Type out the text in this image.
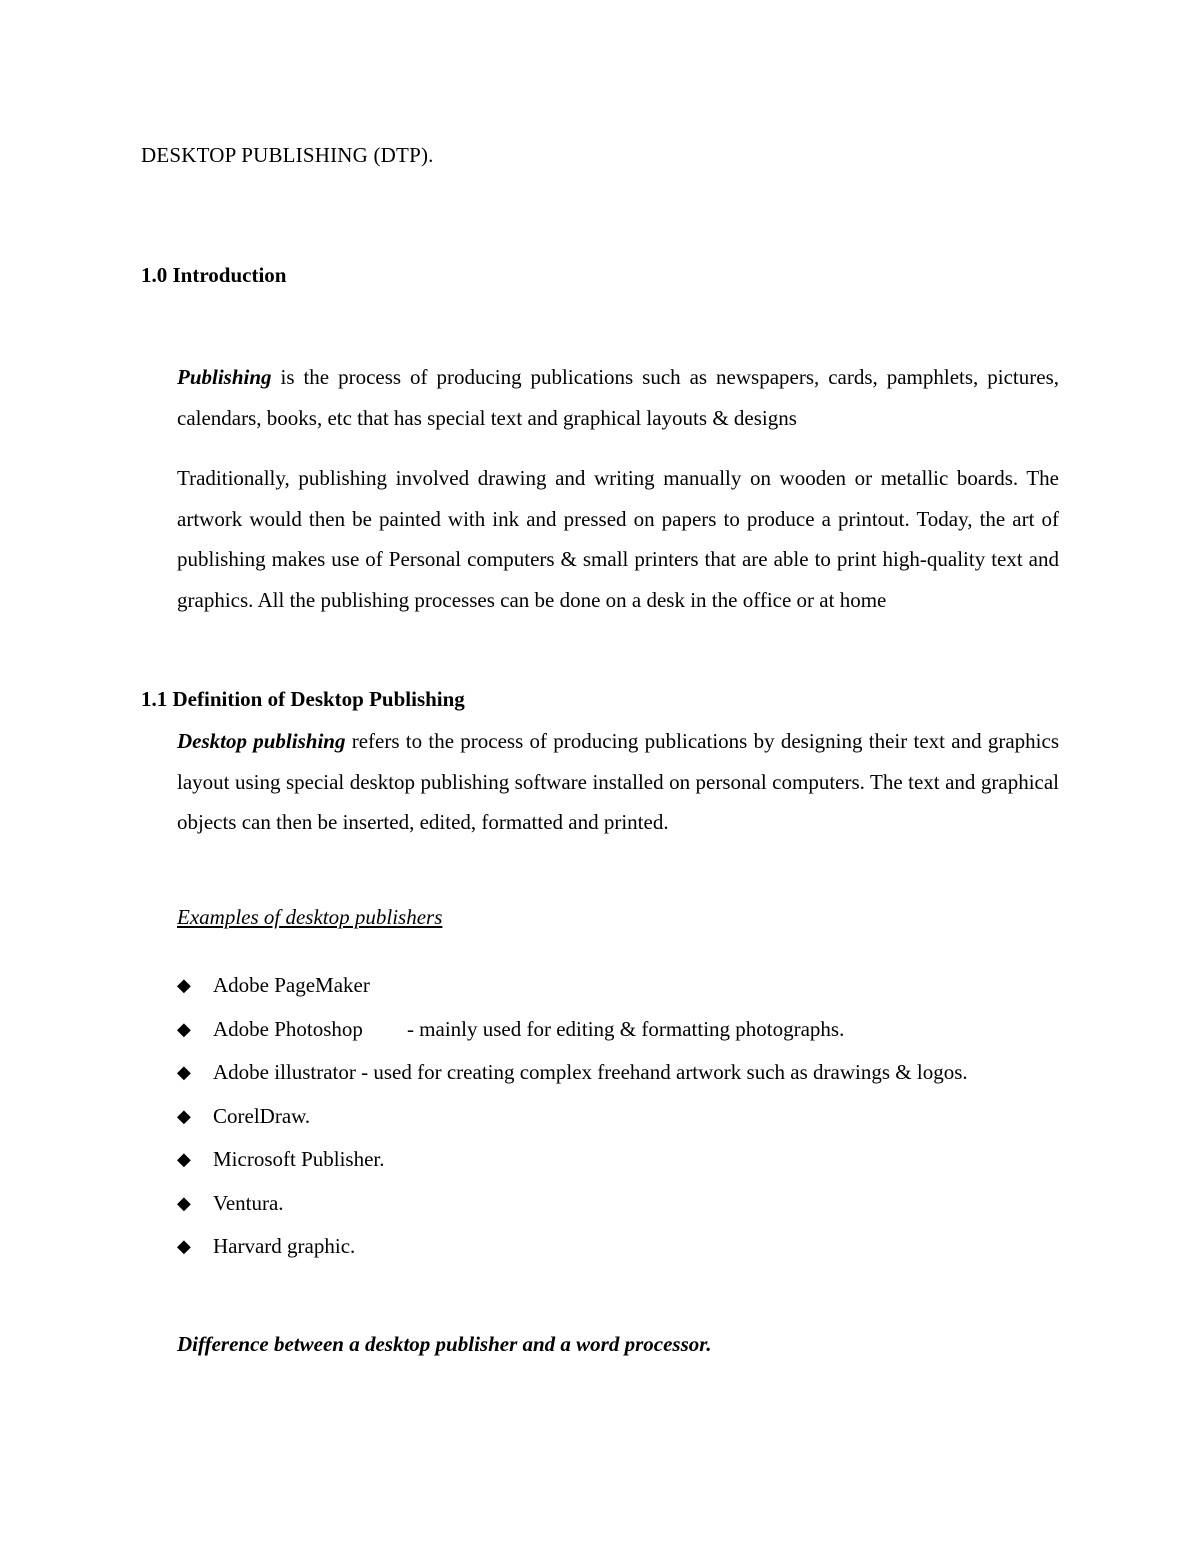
DESKTOP PUBLISHING (DTP).
1.0 Introduction

Publishing is the process of producing publications such as newspapers, cards, pamphlets, pictures, calendars, books, etc that has special text and graphical layouts & designs

Traditionally, publishing involved drawing and writing manually on wooden or metallic boards. The artwork would then be painted with ink and pressed on papers to produce a printout. Today, the art of publishing makes use of Personal computers & small printers that are able to print high-quality text and graphics. All the publishing processes can be done on a desk in the office or at home

1.1 Definition of Desktop Publishing

Desktop publishing refers to the process of producing publications by designing their text and graphics layout using special desktop publishing software installed on personal computers. The text and graphical objects can then be inserted, edited, formatted and printed.

Examples of desktop publishers

◆ Adobe PageMaker
◆ Adobe Photoshop - mainly used for editing & formatting photographs.
◆ Adobe illustrator - used for creating complex freehand artwork such as drawings & logos.
◆ CorelDraw.
◆ Microsoft Publisher.
◆ Ventura.
◆ Harvard graphic.

Difference between a desktop publisher and a word processor.
